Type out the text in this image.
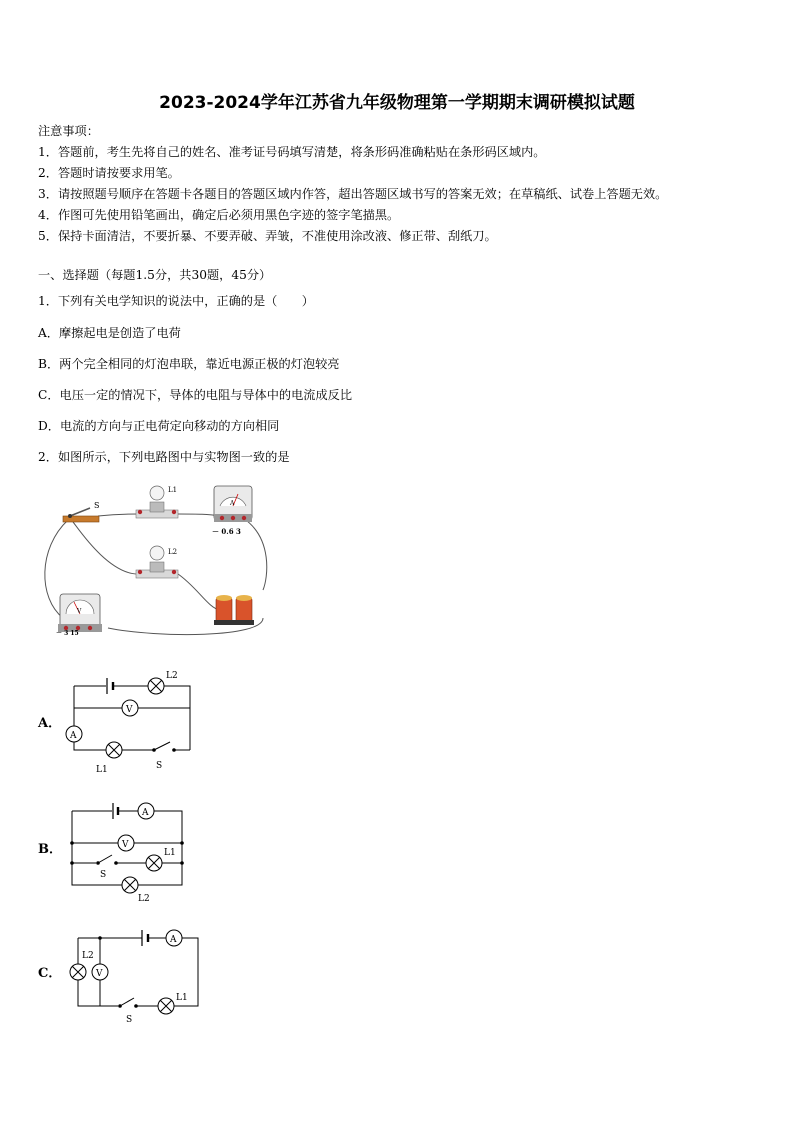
2023-2024学年江苏省九年级物理第一学期期末调研模拟试题
注意事项：
1．答题前，考生先将自己的姓名、准考证号码填写清楚，将条形码准确粘贴在条形码区域内。
2．答题时请按要求用笔。
3．请按照题号顺序在答题卡各题目的答题区域内作答，超出答题区域书写的答案无效；在草稿纸、试卷上答题无效。
4．作图可先使用铅笔画出，确定后必须用黑色字迹的签字笔描黑。
5．保持卡面清洁，不要折暴、不要弄破、弄皱，不准使用涂改液、修正带、刮纸刀。
一、选择题（每题1.5分，共30题，45分）
1．下列有关电学知识的说法中，正确的是（　　）
A．摩擦起电是创造了电荷
B．两个完全相同的灯泡串联，靠近电源正极的灯泡较亮
C．电压一定的情况下，导体的电阻与导体中的电流成反比
D．电流的方向与正电荷定向移动的方向相同
2．如图所示，下列电路图中与实物图一致的是
S
L1
A
－ 0.6 3
L2
V
－ 3 15
A．
L2
V
A
L1	S
B．
A
V
S
L1
L2
C．
A
L2
V
S
L1
